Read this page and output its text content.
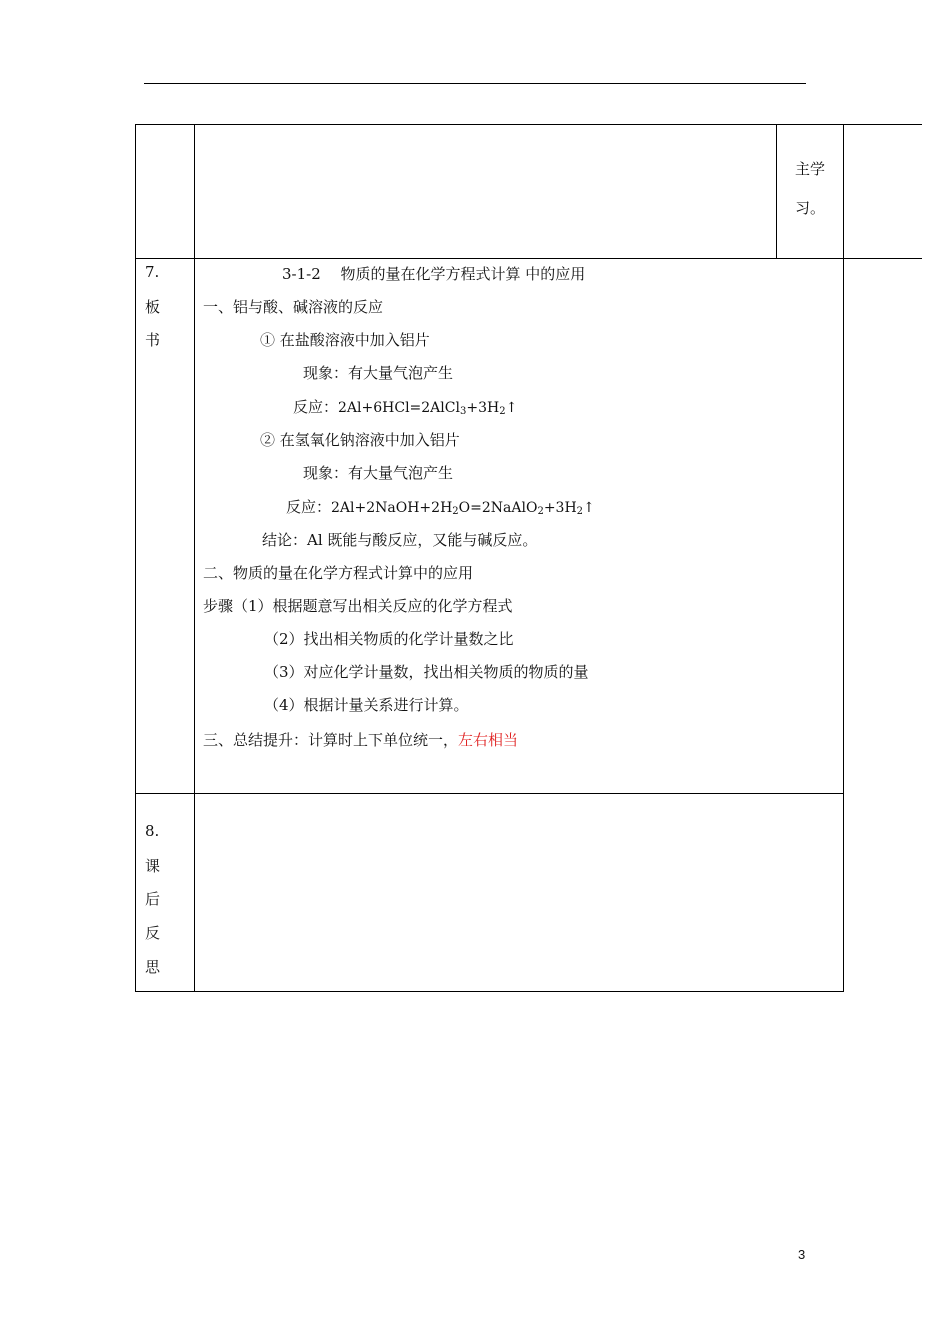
主学
习。
7.
板
书
3-1-2　 物质的量在化学方程式计算 中的应用
一、铝与酸、碱溶液的反应
① 在盐酸溶液中加入铝片
现象：有大量气泡产生
反应：$2Al+6HCl=2AlCl_3+3H_2↑$
② 在氢氧化钠溶液中加入铝片
现象：有大量气泡产生
反应：$2Al+2NaOH+2H_2O=2NaAlO_2+3H_2↑$
结论：Al 既能与酸反应，又能与碱反应。
二、物质的量在化学方程式计算中的应用
步骤（1）根据题意写出相关反应的化学方程式
（2）找出相关物质的化学计量数之比
（3）对应化学计量数，找出相关物质的物质的量
（4）根据计量关系进行计算。
三、总结提升：计算时上下单位统一，左右相当
8.
课
后
反
思
3
